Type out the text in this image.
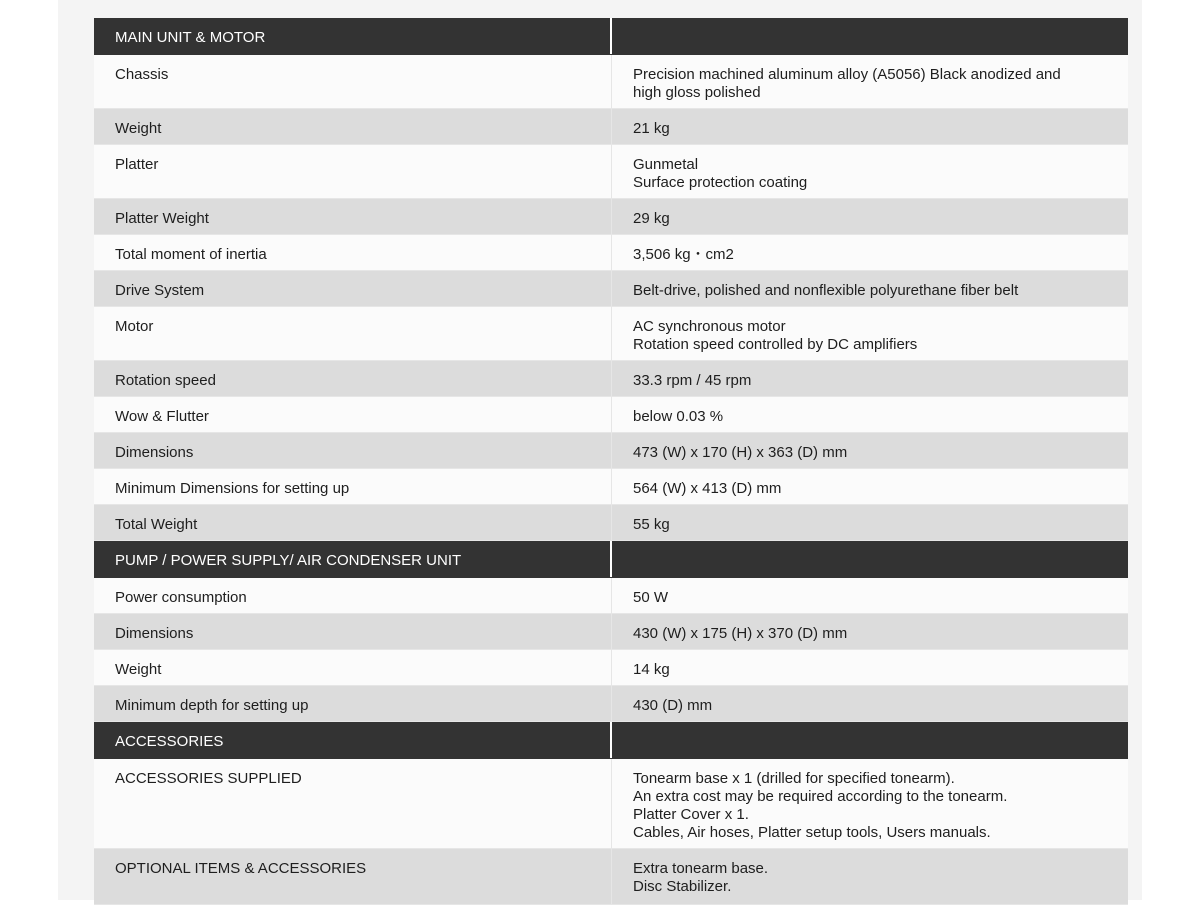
MAIN UNIT & MOTOR
Chassis	Precision machined aluminum alloy (A5056) Black anodized and
high gloss polished
Weight	21 kg
Platter	Gunmetal
Surface protection coating
Platter Weight	29 kg
Total moment of inertia	3,506 kg・cm2
Drive System	Belt-drive, polished and nonflexible polyurethane fiber belt
Motor	AC synchronous motor
Rotation speed controlled by DC amplifiers
Rotation speed	33.3 rpm / 45 rpm
Wow & Flutter	below 0.03 %
Dimensions	473 (W) x 170 (H) x 363 (D) mm
Minimum Dimensions for setting up	564 (W) x 413 (D) mm
Total Weight	55 kg
PUMP / POWER SUPPLY/ AIR CONDENSER UNIT
Power consumption	50 W
Dimensions	430 (W) x 175 (H) x 370 (D) mm
Weight	14 kg
Minimum depth for setting up	430 (D) mm
ACCESSORIES
ACCESSORIES SUPPLIED	Tonearm base x 1 (drilled for specified tonearm).
An extra cost may be required according to the tonearm.
Platter Cover x 1.
Cables, Air hoses, Platter setup tools, Users manuals.
OPTIONAL ITEMS & ACCESSORIES	Extra tonearm base.
Disc Stabilizer.
